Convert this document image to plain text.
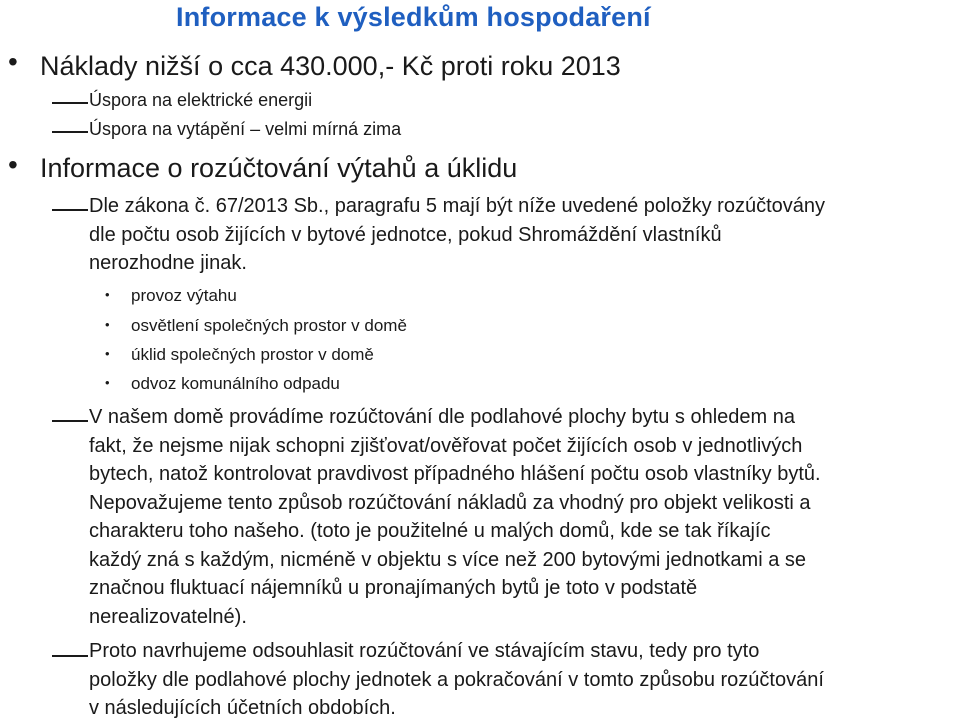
Informace k výsledkům hospodaření
• Náklady nižší o cca 430.000,- Kč proti roku 2013
Úspora na elektrické energii
Úspora na vytápění – velmi mírná zima
• Informace o rozúčtování výtahů a úklidu
Dle zákona č. 67/2013 Sb., paragrafu 5 mají být níže uvedené položky rozúčtovány
dle počtu osob žijících v bytové jednotce, pokud Shromáždění vlastníků
nerozhodne jinak.
• provoz výtahu
• osvětlení společných prostor v domě
• úklid společných prostor v domě
• odvoz komunálního odpadu
V našem domě provádíme rozúčtování dle podlahové plochy bytu s ohledem na
fakt, že nejsme nijak schopni zjišťovat/ověřovat počet žijících osob v jednotlivých
bytech, natož kontrolovat pravdivost případného hlášení počtu osob vlastníky bytů.
Nepovažujeme tento způsob rozúčtování nákladů za vhodný pro objekt velikosti a
charakteru toho našeho. (toto je použitelné u malých domů, kde se tak říkajíc
každý zná s každým, nicméně v objektu s více než 200 bytovými jednotkami a se
značnou fluktuací nájemníků u pronajímaných bytů je toto v podstatě
nerealizovatelné).
Proto navrhujeme odsouhlasit rozúčtování ve stávajícím stavu, tedy pro tyto
položky dle podlahové plochy jednotek a pokračování v tomto způsobu rozúčtování
v následujících účetních obdobích.
